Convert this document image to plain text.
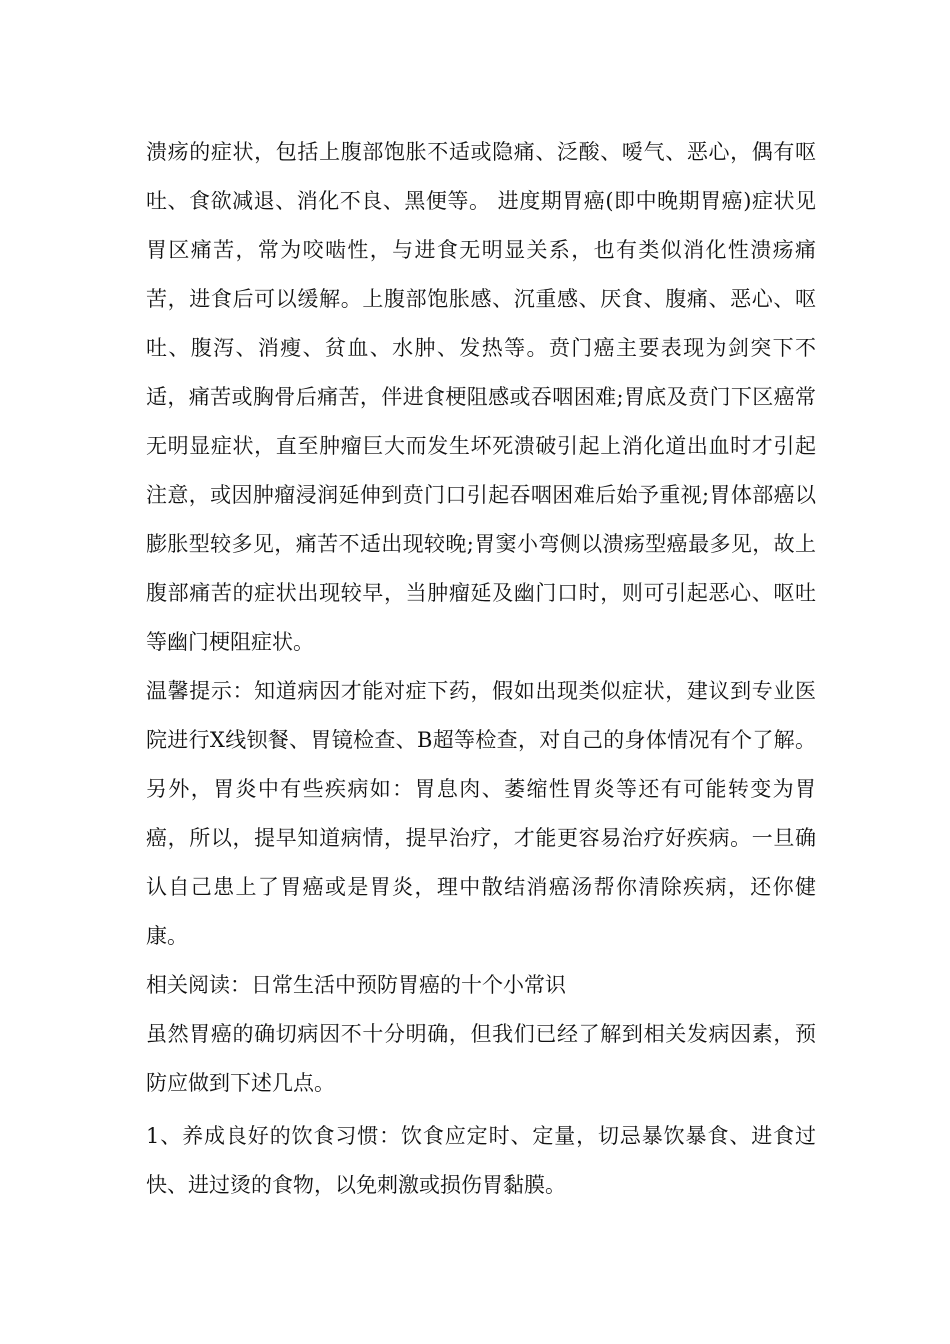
溃疡的症状，包括上腹部饱胀不适或隐痛、泛酸、嗳气、恶心，偶有呕吐、食欲减退、消化不良、黑便等。 进度期胃癌(即中晚期胃癌)症状见胃区痛苦，常为咬啮性，与进食无明显关系，也有类似消化性溃疡痛苦，进食后可以缓解。上腹部饱胀感、沉重感、厌食、腹痛、恶心、呕吐、腹泻、消瘦、贫血、水肿、发热等。贲门癌主要表现为剑突下不适，痛苦或胸骨后痛苦，伴进食梗阻感或吞咽困难;胃底及贲门下区癌常无明显症状，直至肿瘤巨大而发生坏死溃破引起上消化道出血时才引起注意，或因肿瘤浸润延伸到贲门口引起吞咽困难后始予重视;胃体部癌以膨胀型较多见，痛苦不适出现较晚;胃窦小弯侧以溃疡型癌最多见，故上腹部痛苦的症状出现较早，当肿瘤延及幽门口时，则可引起恶心、呕吐等幽门梗阻症状。

温馨提示：知道病因才能对症下药，假如出现类似症状，建议到专业医院进行X线钡餐、胃镜检查、B超等检查，对自己的身体情况有个了解。另外，胃炎中有些疾病如：胃息肉、萎缩性胃炎等还有可能转变为胃癌，所以，提早知道病情，提早治疗，才能更容易治疗好疾病。一旦确认自己患上了胃癌或是胃炎，理中散结消癌汤帮你清除疾病，还你健康。

相关阅读：日常生活中预防胃癌的十个小常识

虽然胃癌的确切病因不十分明确，但我们已经了解到相关发病因素，预防应做到下述几点。

1、养成良好的饮食习惯：饮食应定时、定量，切忌暴饮暴食、进食过快、进过烫的食物，以免刺激或损伤胃黏膜。
